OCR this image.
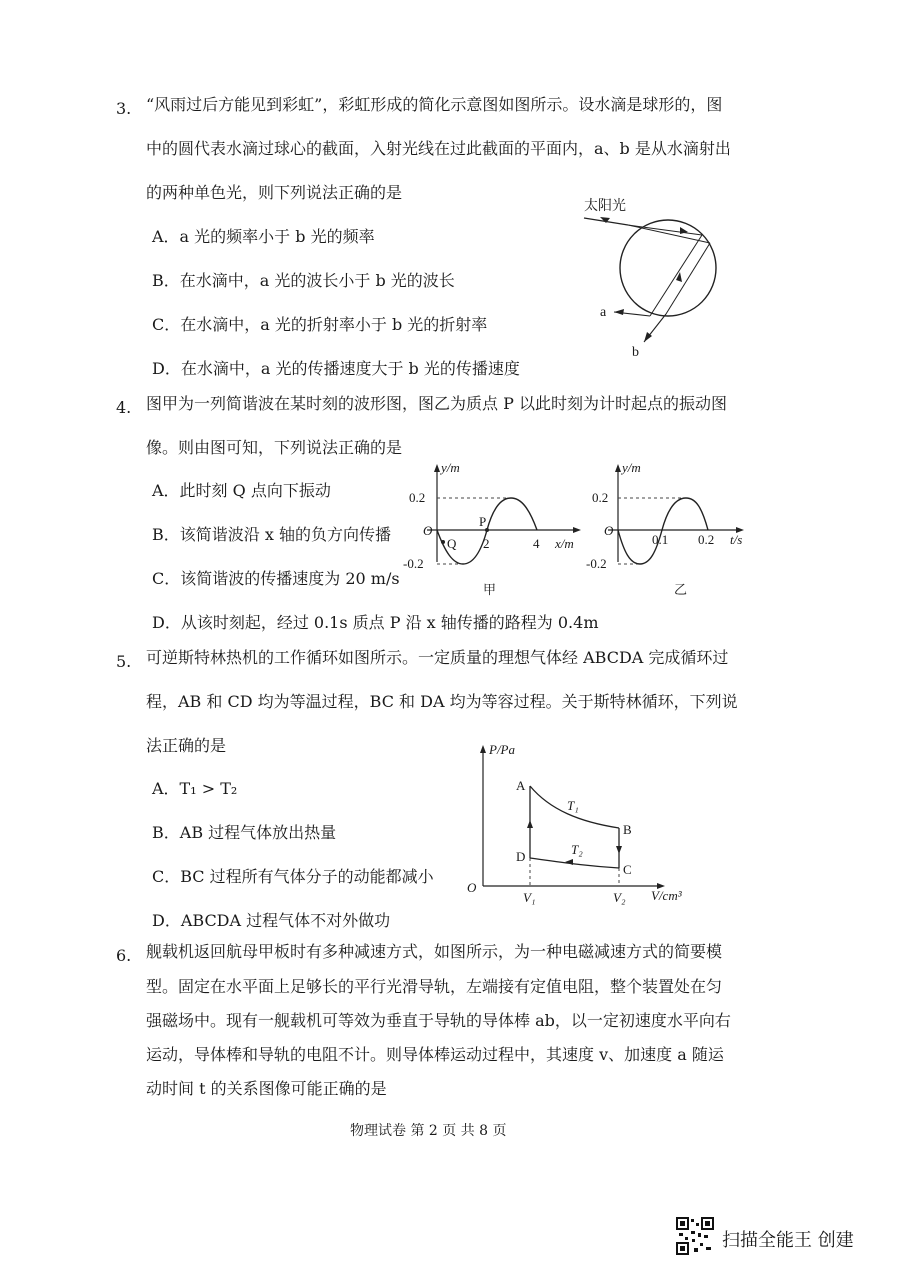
3. “风雨过后方能见到彩虹”，彩虹形成的简化示意图如图所示。设水滴是球形的，图
中的圆代表水滴过球心的截面，入射光线在过此截面的平面内，a、b 是从水滴射出
的两种单色光，则下列说法正确的是
A．a 光的频率小于 b 光的频率
B．在水滴中，a 光的波长小于 b 光的波长
C．在水滴中，a 光的折射率小于 b 光的折射率
D．在水滴中，a 光的传播速度大于 b 光的传播速度
太阳光
a
b
4. 图甲为一列简谐波在某时刻的波形图，图乙为质点 P 以此时刻为计时起点的振动图
像。则由图可知，下列说法正确的是
A．此时刻 Q 点向下振动
B．该简谐波沿 x 轴的负方向传播
C．该简谐波的传播速度为 20 m/s
D．从该时刻起，经过 0.1s 质点 P 沿 x 轴传播的路程为 0.4m
y/m
x/m
O
0.2
-0.2
2	4
P
Q
甲
y/m
t/s
O
0.2
-0.2
0.1 0.2
乙
5. 可逆斯特林热机的工作循环如图所示。一定质量的理想气体经 ABCDA 完成循环过
程，AB 和 CD 均为等温过程，BC 和 DA 均为等容过程。关于斯特林循环，下列说
法正确的是
A．T₁ > T₂
B．AB 过程气体放出热量
C．BC 过程所有气体分子的动能都减小
D．ABCDA 过程气体不对外做功
P/Pa
V/cm³
O
A
B
C
D
T₁
T₂
V₁	V₂
6. 舰载机返回航母甲板时有多种减速方式，如图所示，为一种电磁减速方式的简要模
型。固定在水平面上足够长的平行光滑导轨，左端接有定值电阻，整个装置处在匀
强磁场中。现有一舰载机可等效为垂直于导轨的导体棒 ab，以一定初速度水平向右
运动，导体棒和导轨的电阻不计。则导体棒运动过程中，其速度 v、加速度 a 随运
动时间 t 的关系图像可能正确的是
物理试卷 第 2 页 共 8 页
扫描全能王 创建
